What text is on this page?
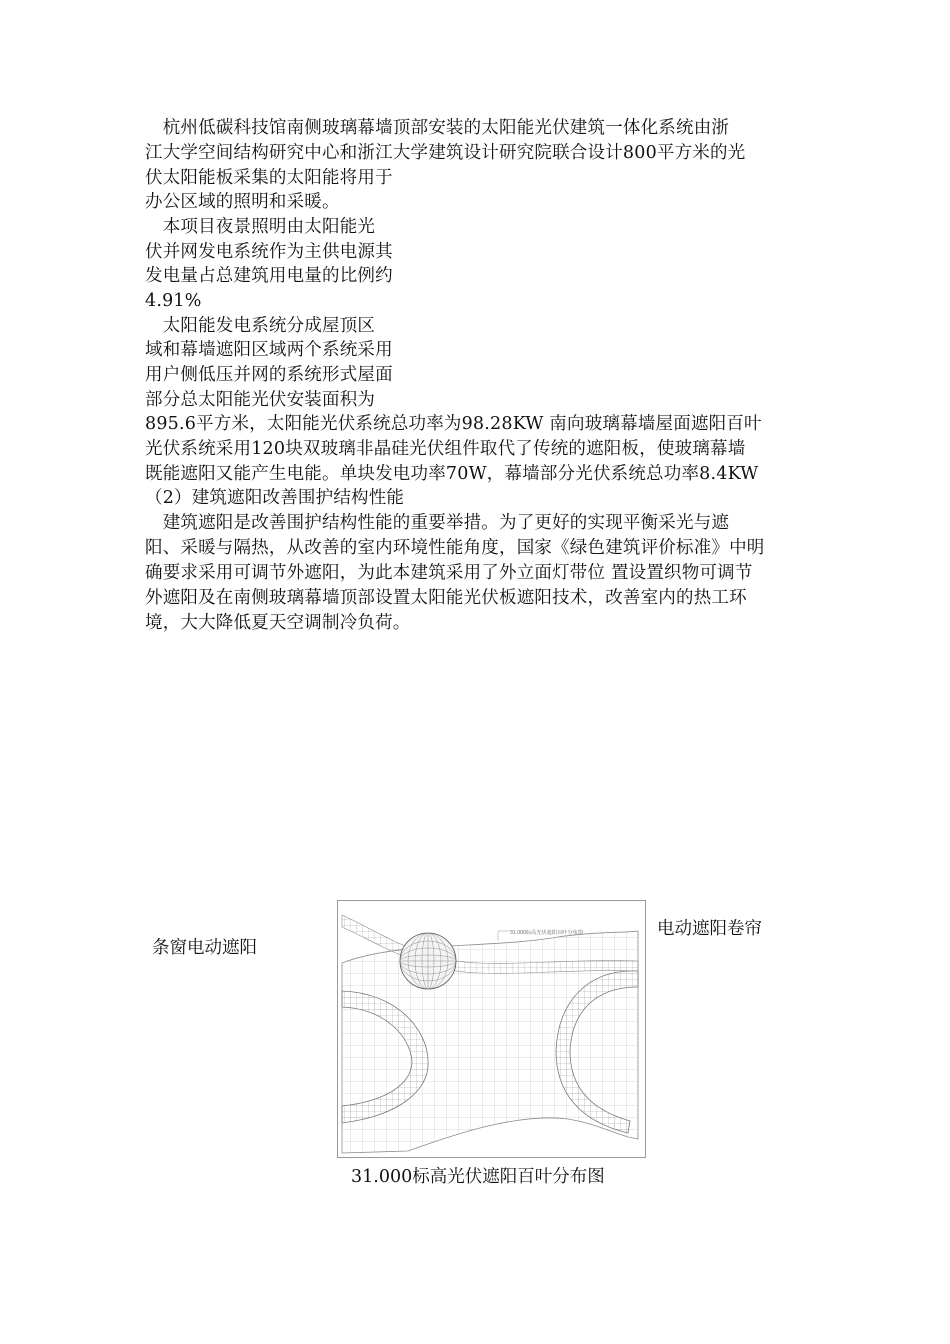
　杭州低碳科技馆南侧玻璃幕墙顶部安装的太阳能光伏建筑一体化系统由浙
江大学空间结构研究中心和浙江大学建筑设计研究院联合设计800平方米的光
伏太阳能板采集的太阳能将用于
办公区域的照明和采暖。
　本项目夜景照明由太阳能光
伏并网发电系统作为主供电源其
发电量占总建筑用电量的比例约
4.91%
　太阳能发电系统分成屋顶区
域和幕墙遮阳区域两个系统采用
用户侧低压并网的系统形式屋面
部分总太阳能光伏安装面积为
895.6平方米，太阳能光伏系统总功率为98.28KW 南向玻璃幕墙屋面遮阳百叶
光伏系统采用120块双玻璃非晶硅光伏组件取代了传统的遮阳板，使玻璃幕墙
既能遮阳又能产生电能。单块发电功率70W，幕墙部分光伏系统总功率8.4KW
（2）建筑遮阳改善围护结构性能
　建筑遮阳是改善围护结构性能的重要举措。为了更好的实现平衡采光与遮
阳、采暖与隔热，从改善的室内环境性能角度，国家《绿色建筑评价标准》中明
确要求采用可调节外遮阳，为此本建筑采用了外立面灯带位 置设置织物可调节
外遮阳及在南侧玻璃幕墙顶部设置太阳能光伏板遮阳技术，改善室内的热工环
境，大大降低夏天空调制冷负荷。
条窗电动遮阳
电动遮阳卷帘
31.000标高光伏遮阳百叶分布图
31.000标高光伏遮阳百叶分布图
